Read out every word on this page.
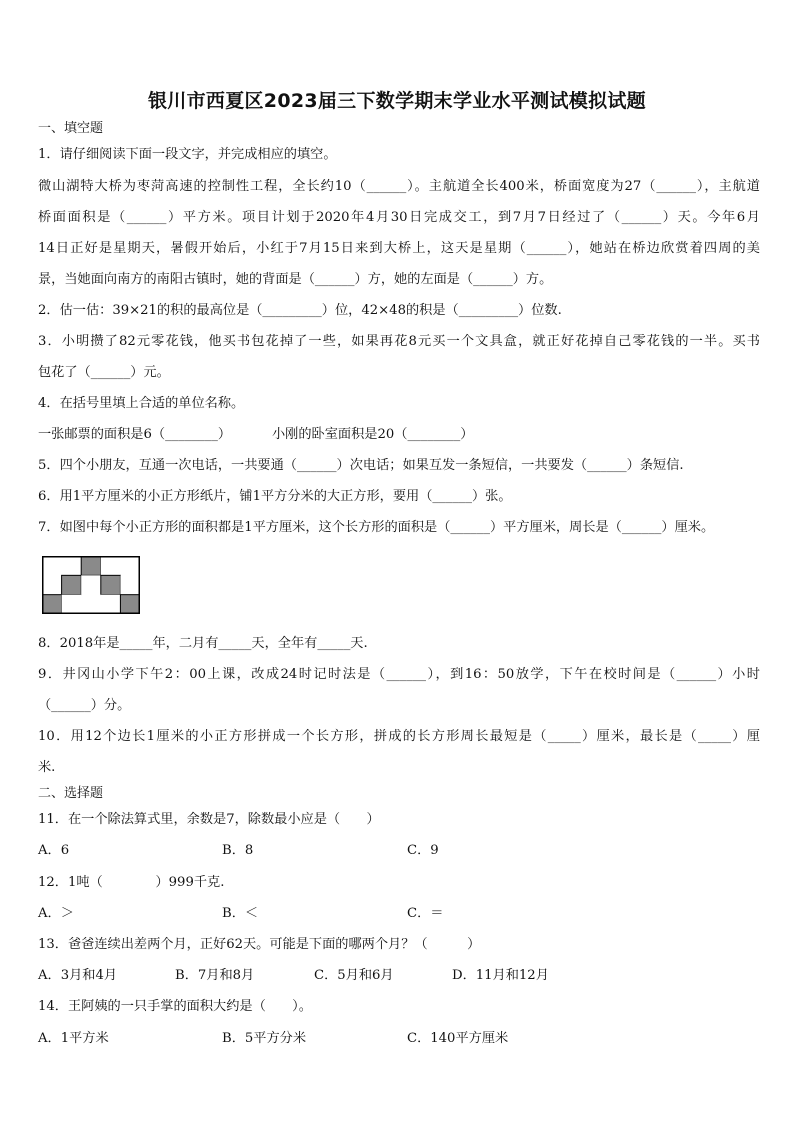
银川市西夏区2023届三下数学期末学业水平测试模拟试题
一、填空题
1．请仔细阅读下面一段文字，并完成相应的填空。
微山湖特大桥为枣菏高速的控制性工程，全长约10（______）。主航道全长400米，桥面宽度为27（______），主航道
桥面面积是（______）平方米。项目计划于2020年4月30日完成交工，到7月7日经过了（______）天。今年6月
14日正好是星期天，暑假开始后，小红于7月15日来到大桥上，这天是星期（______），她站在桥边欣赏着四周的美
景，当她面向南方的南阳古镇时，她的背面是（______）方，她的左面是（______）方。
2．估一估：39×21的积的最高位是（_________）位，42×48的积是（_________）位数.
3．小明攒了82元零花钱，他买书包花掉了一些，如果再花8元买一个文具盒，就正好花掉自己零花钱的一半。买书
包花了（______）元。
4．在括号里填上合适的单位名称。
一张邮票的面积是6（________）	小刚的卧室面积是20（________）
5．四个小朋友，互通一次电话，一共要通（______）次电话；如果互发一条短信，一共要发（______）条短信.
6．用1平方厘米的小正方形纸片，铺1平方分米的大正方形，要用（______）张。
7．如图中每个小正方形的面积都是1平方厘米，这个长方形的面积是（______）平方厘米，周长是（______）厘米。
8．2018年是_____年，二月有_____天，全年有_____天.
9．井冈山小学下午2：00上课，改成24时记时法是（______），到16：50放学，下午在校时间是（______）小时
（______）分。
10．用12个边长1厘米的小正方形拼成一个长方形，拼成的长方形周长最短是（_____）厘米，最长是（_____）厘
米.
二、选择题
11．在一个除法算式里，余数是7，除数最小应是（　　）
A．6	B．8	C．9
12．1吨（　　　　）999千克.
A．＞	B．＜	C．＝
13．爸爸连续出差两个月，正好62天。可能是下面的哪两个月？（　　　）
A．3月和4月	B．7月和8月	C．5月和6月	D．11月和12月
14．王阿姨的一只手掌的面积大约是（　　）。
A．1平方米	B．5平方分米	C．140平方厘米
